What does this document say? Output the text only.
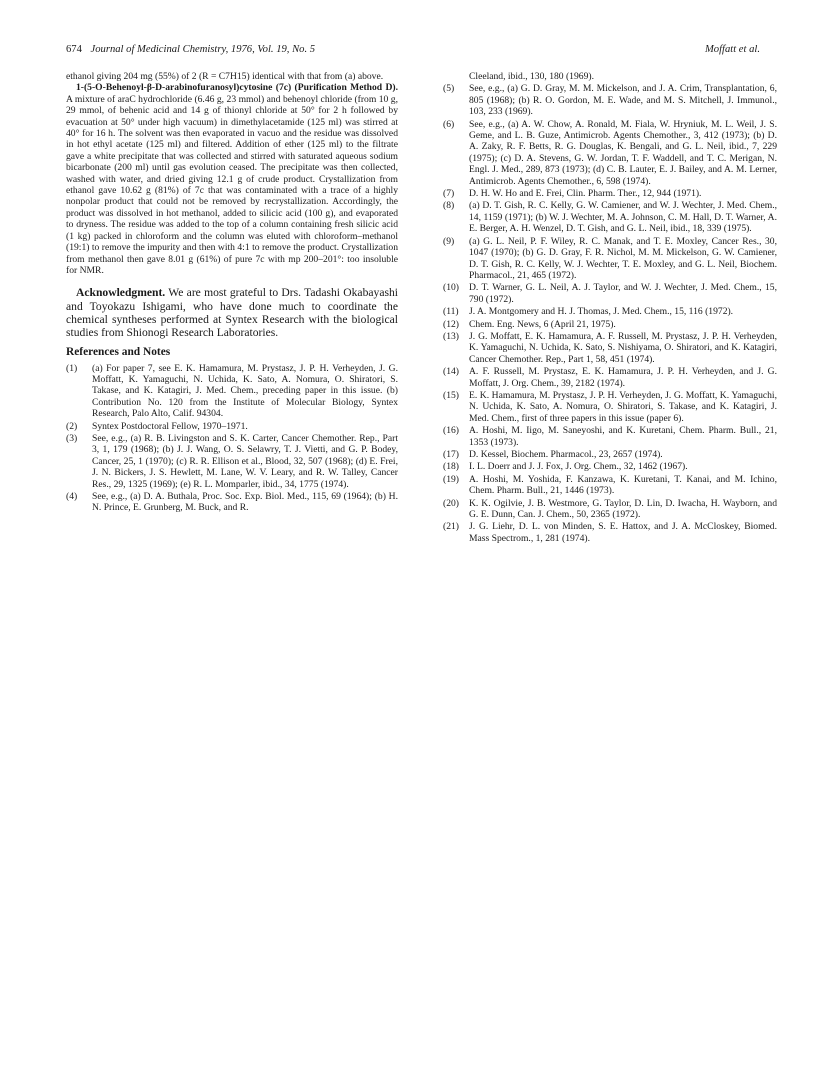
674 Journal of Medicinal Chemistry, 1976, Vol. 19, No. 5	Moffatt et al.

ethanol giving 204 mg (55%) of 2 (R = C7H15) identical with that from (a) above.

1-(5-O-Behenoyl-β-D-arabinofuranosyl)cytosine (7c) (Purification Method D). A mixture of araC hydrochloride (6.46 g, 23 mmol) and behenoyl chloride (from 10 g, 29 mmol, of behenic acid and 14 g of thionyl chloride at 50° for 2 h followed by evacuation at 50° under high vacuum) in dimethylacetamide (125 ml) was stirred at 40° for 16 h. The solvent was then evaporated in vacuo and the residue was dissolved in hot ethyl acetate (125 ml) and filtered. Addition of ether (125 ml) to the filtrate gave a white precipitate that was collected and stirred with saturated aqueous sodium bicarbonate (200 ml) until gas evolution ceased. The precipitate was then collected, washed with water, and dried giving 12.1 g of crude product. Crystallization from ethanol gave 10.62 g (81%) of 7c that was contaminated with a trace of a highly nonpolar product that could not be removed by recrystallization. Accordingly, the product was dissolved in hot methanol, added to silicic acid (100 g), and evaporated to dryness. The residue was added to the top of a column containing fresh silicic acid (1 kg) packed in chloroform and the column was eluted with chloroform–methanol (19:1) to remove the impurity and then with 4:1 to remove the product. Crystallization from methanol then gave 8.01 g (61%) of pure 7c with mp 200–201°: too insoluble for NMR.

Acknowledgment. We are most grateful to Drs. Tadashi Okabayashi and Toyokazu Ishigami, who have done much to coordinate the chemical syntheses performed at Syntex Research with the biological studies from Shionogi Research Laboratories.

References and Notes
(1)	(a) For paper 7, see E. K. Hamamura, M. Prystasz, J. P. H. Verheyden, J. G. Moffatt, K. Yamaguchi, N. Uchida, K. Sato, A. Nomura, O. Shiratori, S. Takase, and K. Katagiri, J. Med. Chem., preceding paper in this issue. (b) Contribution No. 120 from the Institute of Molecular Biology, Syntex Research, Palo Alto, Calif. 94304.
(2)	Syntex Postdoctoral Fellow, 1970–1971.
(3)	See, e.g., (a) R. B. Livingston and S. K. Carter, Cancer Chemother. Rep., Part 3, 1, 179 (1968); (b) J. J. Wang, O. S. Selawry, T. J. Vietti, and G. P. Bodey, Cancer, 25, 1 (1970); (c) R. R. Ellison et al., Blood, 32, 507 (1968); (d) E. Frei, J. N. Bickers, J. S. Hewlett, M. Lane, W. V. Leary, and R. W. Talley, Cancer Res., 29, 1325 (1969); (e) R. L. Momparler, ibid., 34, 1775 (1974).
(4)	See, e.g., (a) D. A. Buthala, Proc. Soc. Exp. Biol. Med., 115, 69 (1964); (b) H. N. Prince, E. Grunberg, M. Buck, and R.
Cleeland, ibid., 130, 180 (1969).
(5)	See, e.g., (a) G. D. Gray, M. M. Mickelson, and J. A. Crim, Transplantation, 6, 805 (1968); (b) R. O. Gordon, M. E. Wade, and M. S. Mitchell, J. Immunol., 103, 233 (1969).
(6)	See, e.g., (a) A. W. Chow, A. Ronald, M. Fiala, W. Hryniuk, M. L. Weil, J. S. Geme, and L. B. Guze, Antimicrob. Agents Chemother., 3, 412 (1973); (b) D. A. Zaky, R. F. Betts, R. G. Douglas, K. Bengali, and G. L. Neil, ibid., 7, 229 (1975); (c) D. A. Stevens, G. W. Jordan, T. F. Waddell, and T. C. Merigan, N. Engl. J. Med., 289, 873 (1973); (d) C. B. Lauter, E. J. Bailey, and A. M. Lerner, Antimicrob. Agents Chemother., 6, 598 (1974).
(7)	D. H. W. Ho and E. Frei, Clin. Pharm. Ther., 12, 944 (1971).
(8)	(a) D. T. Gish, R. C. Kelly, G. W. Camiener, and W. J. Wechter, J. Med. Chem., 14, 1159 (1971); (b) W. J. Wechter, M. A. Johnson, C. M. Hall, D. T. Warner, A. E. Berger, A. H. Wenzel, D. T. Gish, and G. L. Neil, ibid., 18, 339 (1975).
(9)	(a) G. L. Neil, P. F. Wiley, R. C. Manak, and T. E. Moxley, Cancer Res., 30, 1047 (1970); (b) G. D. Gray, F. R. Nichol, M. M. Mickelson, G. W. Camiener, D. T. Gish, R. C. Kelly, W. J. Wechter, T. E. Moxley, and G. L. Neil, Biochem. Pharmacol., 21, 465 (1972).
(10)	D. T. Warner, G. L. Neil, A. J. Taylor, and W. J. Wechter, J. Med. Chem., 15, 790 (1972).
(11)	J. A. Montgomery and H. J. Thomas, J. Med. Chem., 15, 116 (1972).
(12)	Chem. Eng. News, 6 (April 21, 1975).
(13)	J. G. Moffatt, E. K. Hamamura, A. F. Russell, M. Prystasz, J. P. H. Verheyden, K. Yamaguchi, N. Uchida, K. Sato, S. Nishiyama, O. Shiratori, and K. Katagiri, Cancer Chemother. Rep., Part 1, 58, 451 (1974).
(14)	A. F. Russell, M. Prystasz, E. K. Hamamura, J. P. H. Verheyden, and J. G. Moffatt, J. Org. Chem., 39, 2182 (1974).
(15)	E. K. Hamamura, M. Prystasz, J. P. H. Verheyden, J. G. Moffatt, K. Yamaguchi, N. Uchida, K. Sato, A. Nomura, O. Shiratori, S. Takase, and K. Katagiri, J. Med. Chem., first of three papers in this issue (paper 6).
(16)	A. Hoshi, M. Iigo, M. Saneyoshi, and K. Kuretani, Chem. Pharm. Bull., 21, 1353 (1973).
(17)	D. Kessel, Biochem. Pharmacol., 23, 2657 (1974).
(18)	I. L. Doerr and J. J. Fox, J. Org. Chem., 32, 1462 (1967).
(19)	A. Hoshi, M. Yoshida, F. Kanzawa, K. Kuretani, T. Kanai, and M. Ichino, Chem. Pharm. Bull., 21, 1446 (1973).
(20)	K. K. Ogilvie, J. B. Westmore, G. Taylor, D. Lin, D. Iwacha, H. Wayborn, and G. E. Dunn, Can. J. Chem., 50, 2365 (1972).
(21)	J. G. Liehr, D. L. von Minden, S. E. Hattox, and J. A. McCloskey, Biomed. Mass Spectrom., 1, 281 (1974).
